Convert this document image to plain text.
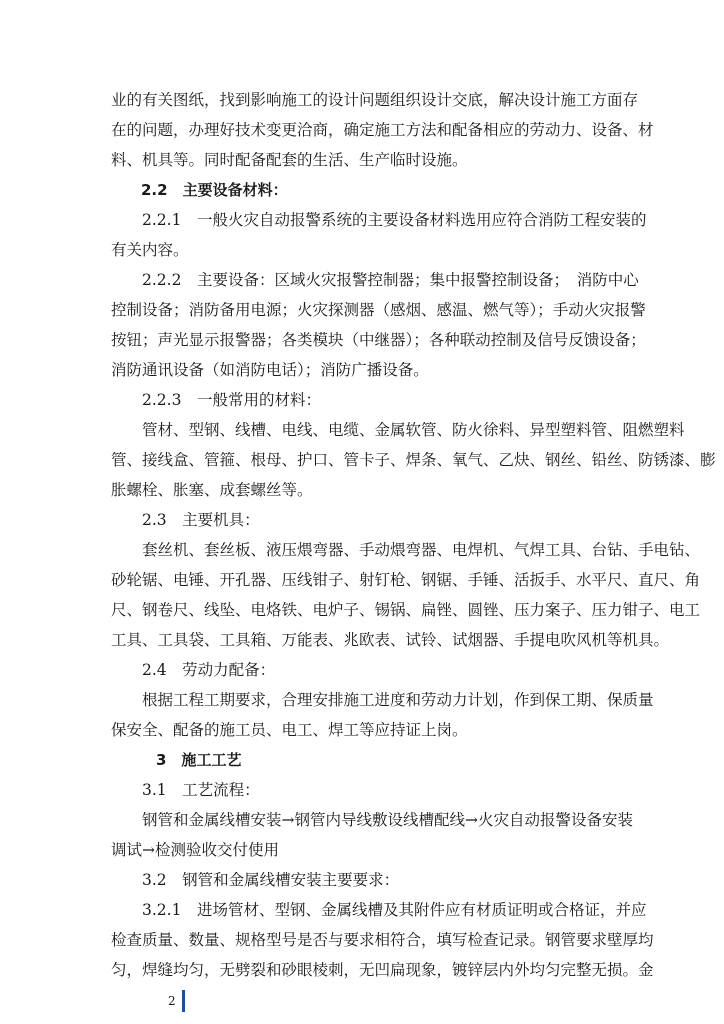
业的有关图纸，找到影响施工的设计问题组织设计交底，解决设计施工方面存
在的问题，办理好技术变更洽商，确定施工方法和配备相应的劳动力、设备、材
料、机具等。同时配备配套的生活、生产临时设施。
　　2.2　主要设备材料：
　　2.2.1　一般火灾自动报警系统的主要设备材料选用应符合消防工程安装的
有关内容。
　　2.2.2　主要设备：区域火灾报警控制器；集中报警控制设备；　消防中心
控制设备；消防备用电源；火灾探测器（感烟、感温、燃气等）；手动火灾报警
按钮；声光显示报警器；各类模块（中继器）；各种联动控制及信号反馈设备；
消防通讯设备（如消防电话）；消防广播设备。
　　2.2.3　一般常用的材料：
　　管材、型钢、线槽、电线、电缆、金属软管、防火徐料、异型塑料管、阻燃塑料
管、接线盒、管箍、根母、护口、管卡子、焊条、氧气、乙炔、钢丝、铅丝、防锈漆、膨
胀螺栓、胀塞、成套螺丝等。
　　2.3　主要机具：
　　套丝机、套丝板、液压煨弯器、手动煨弯器、电焊机、气焊工具、台钻、手电钻、
砂轮锯、电锤、开孔器、压线钳子、射钉枪、钢锯、手锤、活扳手、水平尺、直尺、角
尺、钢卷尺、线坠、电烙铁、电炉子、锡锅、扁锉、圆锉、压力案子、压力钳子、电工
工具、工具袋、工具箱、万能表、兆欧表、试铃、试烟器、手提电吹风机等机具。
　　2.4　劳动力配备：
　　根据工程工期要求，合理安排施工进度和劳动力计划，作到保工期、保质量
保安全、配备的施工员、电工、焊工等应持证上岗。
　　　3　施工工艺
　　3.1　工艺流程：
　　钢管和金属线槽安装→钢管内导线敷设线槽配线→火灾自动报警设备安装
调试→检测验收交付使用
　　3.2　钢管和金属线槽安装主要要求：
　　3.2.1　进场管材、型钢、金属线槽及其附件应有材质证明或合格证，并应
检查质量、数量、规格型号是否与要求相符合，填写检查记录。钢管要求壁厚均
匀，焊缝均匀，无劈裂和砂眼棱刺，无凹扁现象，镀锌层内外均匀完整无损。金
2
